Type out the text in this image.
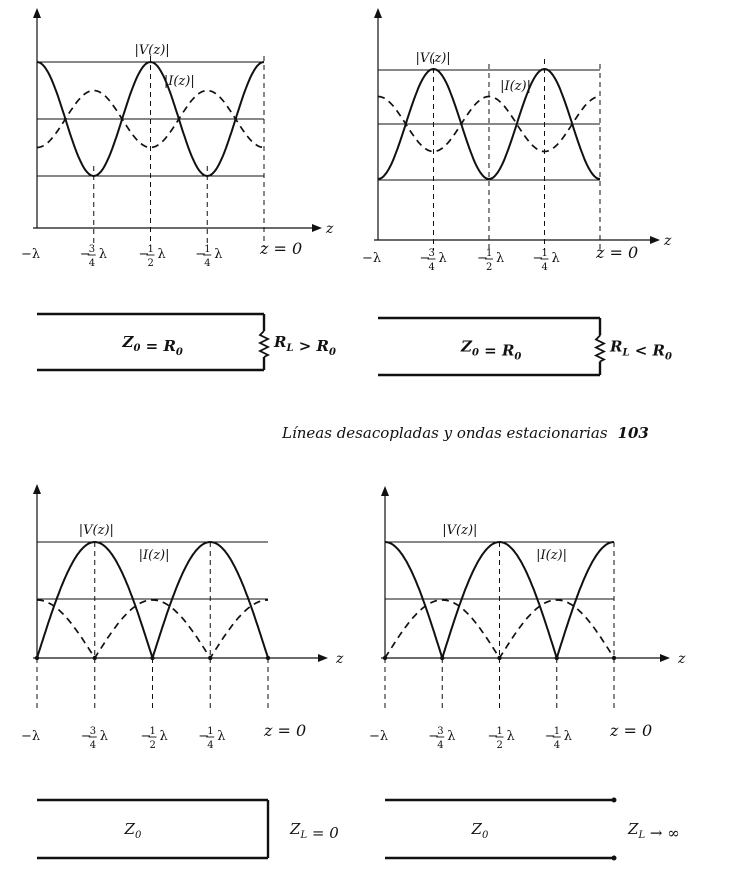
z
−λ	−
3
4
λ −
1
2
λ −
1
4
λ z = 0
|V(z)|
|I(z)|
$Z_0 = R_0$
$R_L > R_0$
z
−λ	−
3
4
λ −
1
2
λ −
1
4
λ z = 0
|V(z)|
|I(z)|
$Z_0 = R_0$
$R_L < R_0$
z
−λ	−
3
4
λ	−
1
2
λ −
1
4
λ z = 0
|V(z)|
|I(z)|
$Z_0$	$Z_L = 0$
z
−λ	−
3
4
λ −
1
2
λ −
1
4
λ z = 0
|V(z)|
|I(z)|
$Z_0$	$Z_L$ → ∞
Líneas desacopladas y ondas estacionarias 103
